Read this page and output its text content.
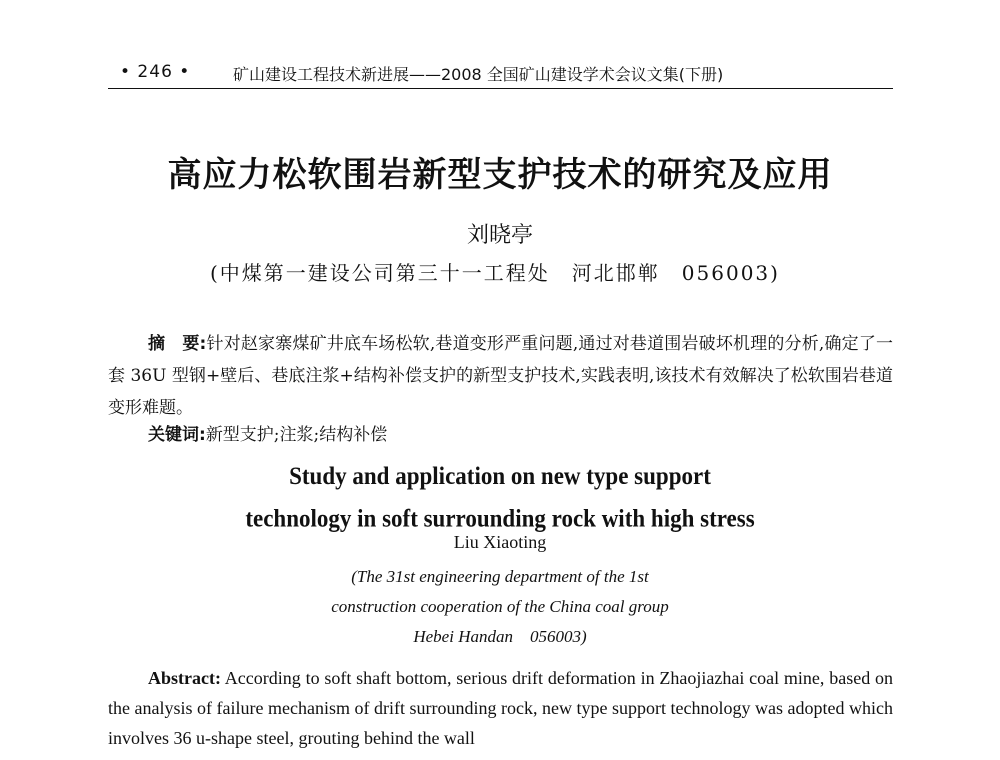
• 246 •	矿山建设工程技术新进展——2008 全国矿山建设学术会议文集(下册)
高应力松软围岩新型支护技术的研究及应用
刘晓亭
(中煤第一建设公司第三十一工程处　河北邯郸　056003)
摘　要:针对赵家寨煤矿井底车场松软,巷道变形严重问题,通过对巷道围岩破坏机理的分析,确定了一套 36U 型钢+壁后、巷底注浆+结构补偿支护的新型支护技术,实践表明,该技术有效解决了松软围岩巷道变形难题。
关键词:新型支护;注浆;结构补偿
Study and application on new type support
technology in soft surrounding rock with high stress
Liu Xiaoting
(The 31st engineering department of the 1st
construction cooperation of the China coal group
Hebei Handan　056003)
Abstract: According to soft shaft bottom, serious drift deformation in Zhaojiazhai coal mine, based on the analysis of failure mechanism of drift surrounding rock, new type support technology was adopted which involves 36 u-shape steel, grouting behind the wall
